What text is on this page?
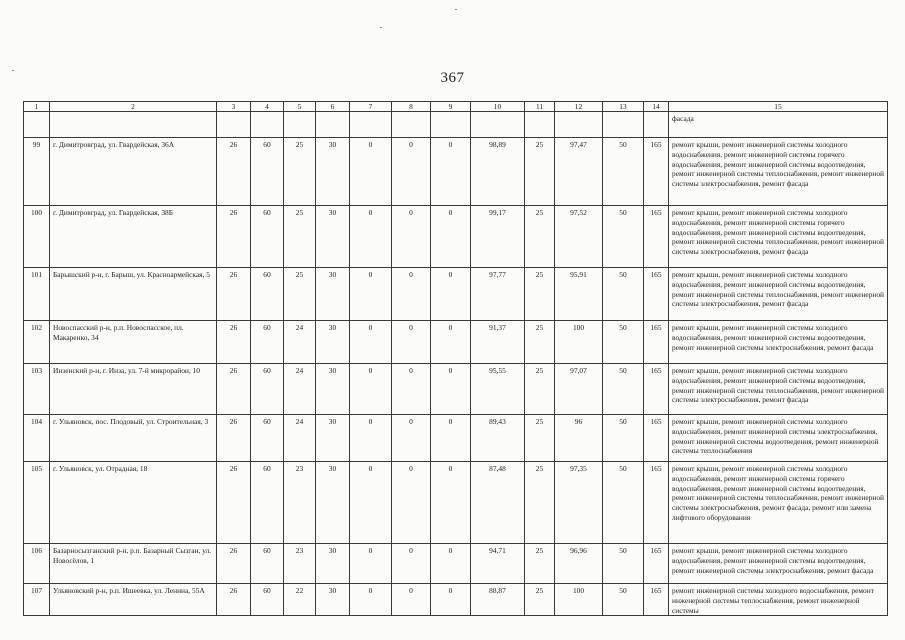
367
1	2	3	4	5	6	7	8	9	10	11	12	13	14	15
														фасада
99	г. Димитровград, ул. Гвардейская, 36А	26	60	25	30	0	0	0	98,89	25	97,47	50	165	ремонт крыши, ремонт инженерной системы холодного водоснабжения, ремонт инженерной системы горячего водоснабжения, ремонт инженерной системы водоотведения, ремонт инженерной системы теплоснабжения, ремонт инженерной системы электроснабжения, ремонт фасада
100	г. Димитровград, ул. Гвардейская, 38Б	26	60	25	30	0	0	0	99,17	25	97,52	50	165	ремонт крыши, ремонт инженерной системы холодного водоснабжения, ремонт инженерной системы горячего водоснабжения, ремонт инженерной системы водоотведения, ремонт инженерной системы теплоснабжения, ремонт инженерной системы электроснабжения, ремонт фасада
101	Барышский р-н, г. Барыш, ул. Красноармейская, 5	26	60	25	30	0	0	0	97,77	25	95,91	50	165	ремонт крыши, ремонт инженерной системы холодного водоснабжения, ремонт инженерной системы водоотведения, ремонт инженерной системы теплоснабжения, ремонт инженерной системы электроснабжения, ремонт фасада
102	Новоспасский р-н, р.п. Новоспасское, пл. Макаренко, 34	26	60	24	30	0	0	0	91,37	25	100	50	165	ремонт крыши, ремонт инженерной системы холодного водоснабжения, ремонт инженерной системы водоотведения, ремонт инженерной системы электроснабжения, ремонт фасада
103	Инзенский р-н, г. Инза, ул. 7-й микрорайон, 10	26	60	24	30	0	0	0	95,55	25	97,07	50	165	ремонт крыши, ремонт инженерной системы холодного водоснабжения, ремонт инженерной системы водоотведения, ремонт инженерной системы теплоснабжения, ремонт инженерной системы электроснабжения, ремонт фасада
104	г. Ульяновск, пос. Плодовый, ул. Строительная, 3	26	60	24	30	0	0	0	89,43	25	96	50	165	ремонт крыши, ремонт инженерной системы холодного водоснабжения, ремонт инженерной системы электроснабжения, ремонт инженерной системы водоотведения, ремонт инженерной системы теплоснабжения
105	г. Ульяновск, ул. Отрадная, 18	26	60	23	30	0	0	0	87,48	25	97,35	50	165	ремонт крыши, ремонт инженерной системы холодного водоснабжения, ремонт инженерной системы горячего водоснабжения, ремонт инженерной системы водоотведения, ремонт инженерной системы теплоснабжения, ремонт инженерной системы электроснабжения, ремонт фасада, ремонт или замена лифтового оборудования
106	Базарносызганский р-н, р.п. Базарный Сызган, ул. Новосёлов, 1	26	60	23	30	0	0	0	94,71	25	96,96	50	165	ремонт крыши, ремонт инженерной системы холодного водоснабжения, ремонт инженерной системы водоотведения, ремонт инженерной системы электроснабжения, ремонт фасада
107	Ульяновский р-н, р.п. Ишеевка, ул. Ленина, 55А	26	60	22	30	0	0	0	88,87	25	100	50	165	ремонт инженерной системы холодного водоснабжения, ремонт инженерной системы теплоснабжения, ремонт инженерной системы
